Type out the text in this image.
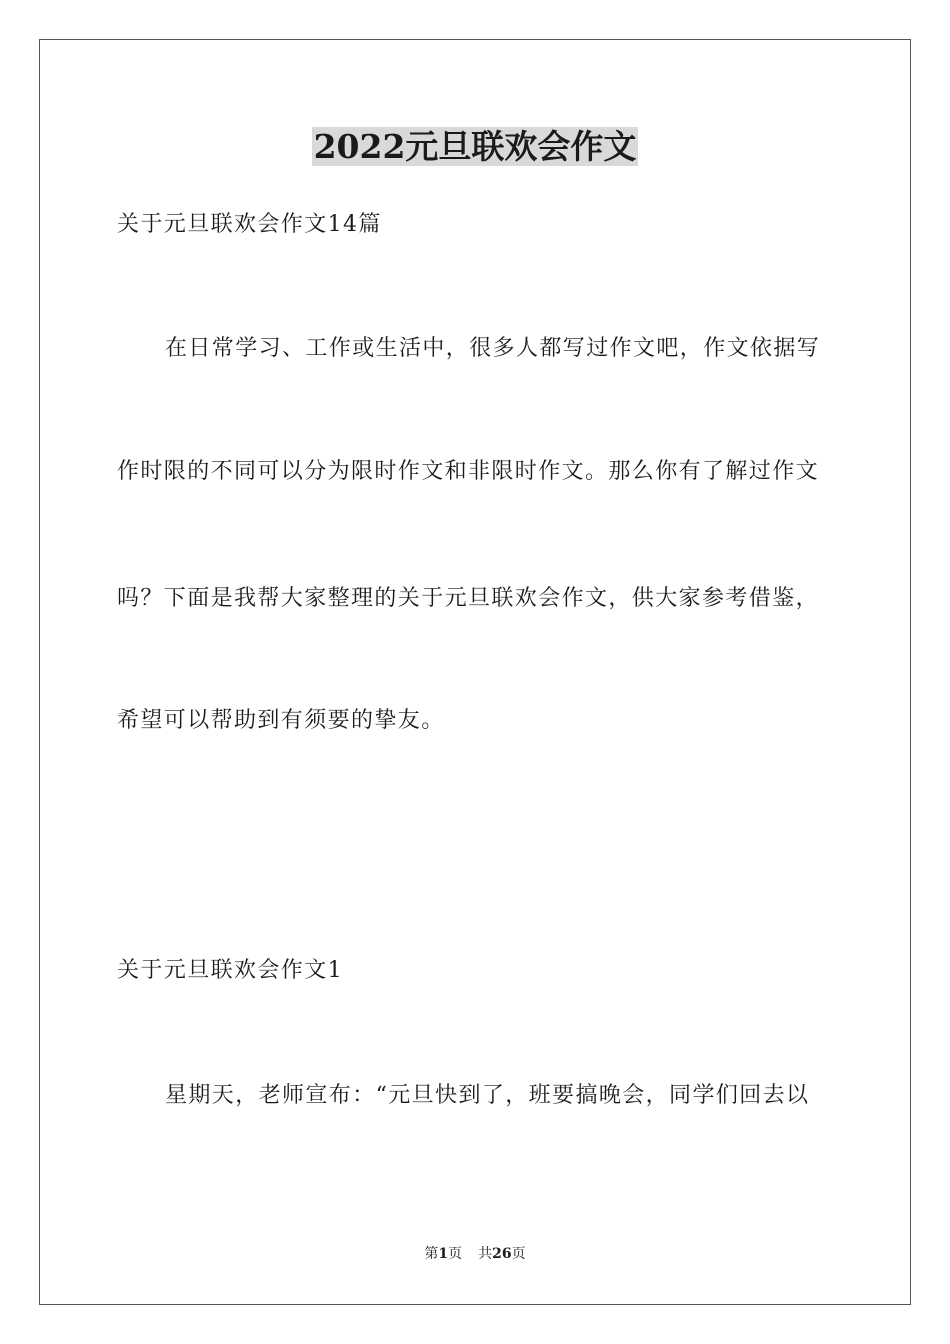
2022元旦联欢会作文
关于元旦联欢会作文14篇
在日常学习、工作或生活中，很多人都写过作文吧，作文依据写
作时限的不同可以分为限时作文和非限时作文。那么你有了解过作文
吗？下面是我帮大家整理的关于元旦联欢会作文，供大家参考借鉴，
希望可以帮助到有须要的挚友。
关于元旦联欢会作文1
星期天，老师宣布：“元旦快到了，班要搞晚会，同学们回去以
第1页 共26页
